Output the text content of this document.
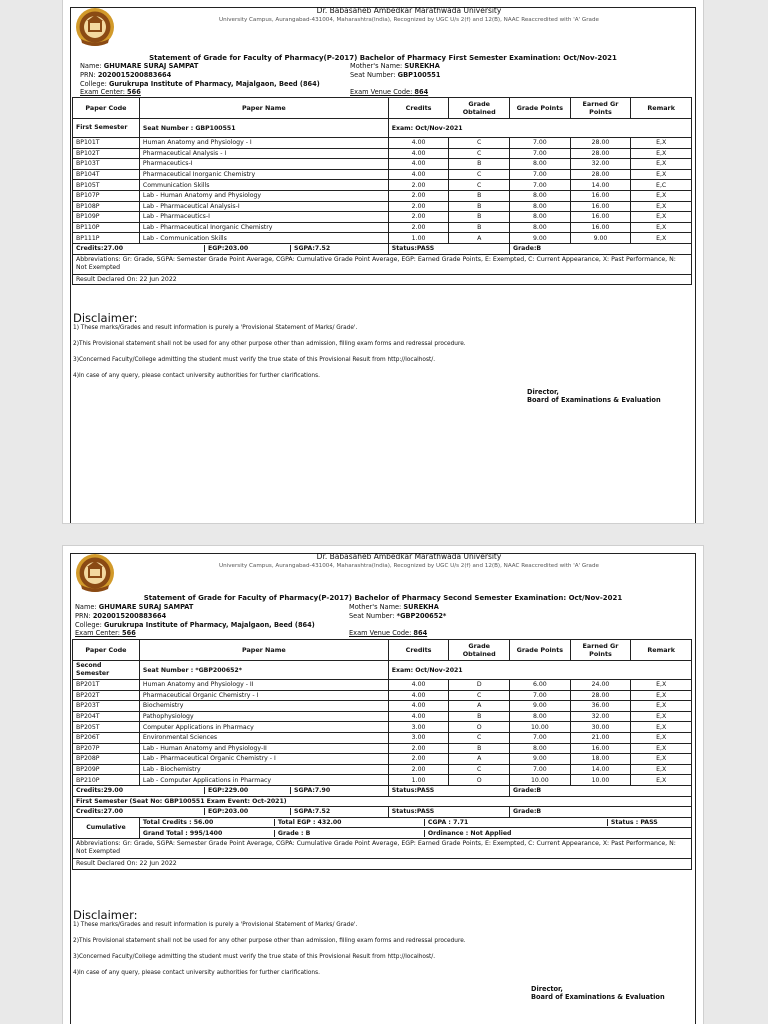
Dr. Babasaheb Ambedkar Marathwada University
University Campus, Aurangabad-431004, Maharashtra(India), Recognized by UGC U/s 2(f) and 12(B), NAAC Reaccredited with 'A' Grade
Statement of Grade for Faculty of Pharmacy(P-2017) Bachelor of Pharmacy First Semester Examination: Oct/Nov-2021
Name: GHUMARE SURAJ SAMPAT
PRN: 2020015200883664
College: Gurukrupa Institute of Pharmacy, Majalgaon, Beed (864)
Exam Center: 566
Mother's Name: SUREKHA
Seat Number: GBP100551

Exam Venue Code: 864
Paper Code	Paper Name	Credits	Grade Obtained	Grade Points	Earned Gr Points	Remark
First Semester	Seat Number : GBP100551	Exam: Oct/Nov-2021				
BP101T	Human Anatomy and Physiology - I	4.00	C	7.00	28.00	E,X
BP102T	Pharmaceutical Analysis - I	4.00	C	7.00	28.00	E,X
BP103T	Pharmaceutics-I	4.00	B	8.00	32.00	E,X
BP104T	Pharmaceutical Inorganic Chemistry	4.00	C	7.00	28.00	E,X
BP105T	Communication Skills	2.00	C	7.00	14.00	E,C
BP107P	Lab - Human Anatomy and Physiology	2.00	B	8.00	16.00	E,X
BP108P	Lab - Pharmaceutical Analysis-I	2.00	B	8.00	16.00	E,X
BP109P	Lab - Pharmaceutics-I	2.00	B	8.00	16.00	E,X
BP110P	Lab - Pharmaceutical Inorganic Chemistry	2.00	B	8.00	16.00	E,X
BP111P	Lab - Communication Skills	1.00	A	9.00	9.00	E,X

Credits:27.00 EGP:203.00 SGPA:7.52		Status:PASS		Grade:B		
Abbreviations: Gr: Grade, SGPA: Semester Grade Point Average, CGPA: Cumulative Grade Point Average, EGP: Earned Grade Points, E: Exempted, C: Current Appearance, X: Past Performance, N: Not Exempted						
Result Declared On: 22 Jun 2022						
Disclaimer:
1) These marks/Grades and result information is purely a 'Provisional Statement of Marks/ Grade'.
2)This Provisional statement shall not be used for any other purpose other than admission, filling exam forms and redressal procedure.
3)Concerned Faculty/College admitting the student must verify the true state of this Provisional Result from http://localhost/.
4)In case of any query, please contact university authorities for further clarifications.
Director,
Board of Examinations & Evaluation
Dr. Babasaheb Ambedkar Marathwada University
University Campus, Aurangabad-431004, Maharashtra(India), Recognized by UGC U/s 2(f) and 12(B), NAAC Reaccredited with 'A' Grade
Statement of Grade for Faculty of Pharmacy(P-2017) Bachelor of Pharmacy Second Semester Examination: Oct/Nov-2021
Name: GHUMARE SURAJ SAMPAT
PRN: 2020015200883664
College: Gurukrupa Institute of Pharmacy, Majalgaon, Beed (864)
Exam Center: 566
Mother's Name: SUREKHA
Seat Number: *GBP200652*

Exam Venue Code: 864
Paper Code	Paper Name	Credits	Grade Obtained	Grade Points	Earned Gr Points	Remark
Second Semester	Seat Number : *GBP200652*	Exam: Oct/Nov-2021				
BP201T	Human Anatomy and Physiology - II	4.00	D	6.00	24.00	E,X
BP202T	Pharmaceutical Organic Chemistry - I	4.00	C	7.00	28.00	E,X
BP203T	Biochemistry	4.00	A	9.00	36.00	E,X
BP204T	Pathophysiology	4.00	B	8.00	32.00	E,X
BP205T	Computer Applications in Pharmacy	3.00	O	10.00	30.00	E,X
BP206T	Environmental Sciences	3.00	C	7.00	21.00	E,X
BP207P	Lab - Human Anatomy and Physiology-II	2.00	B	8.00	16.00	E,X
BP208P	Lab - Pharmaceutical Organic Chemistry - I	2.00	A	9.00	18.00	E,X
BP209P	Lab - Biochemistry	2.00	C	7.00	14.00	E,X
BP210P	Lab - Computer Applications in Pharmacy	1.00	O	10.00	10.00	E,X

Credits:29.00 EGP:229.00 SGPA:7.90		Status:PASS		Grade:B		
First Semester (Seat No: GBP100551 Exam Event: Oct-2021)						

Credits:27.00 EGP:203.00 SGPA:7.52		Status:PASS		Grade:B		
Cumulative	Total Credits : 56.00 Total EGP : 432.00 CGPA : 7.71 Status : PASS					

	Grand Total : 995/1400 Grade : B Ordinance : Not Applied					

Abbreviations: Gr: Grade, SGPA: Semester Grade Point Average, CGPA: Cumulative Grade Point Average, EGP: Earned Grade Points, E: Exempted, C: Current Appearance, X: Past Performance, N: Not Exempted						
Result Declared On: 22 Jun 2022						
Disclaimer:
1) These marks/Grades and result information is purely a 'Provisional Statement of Marks/ Grade'.
2)This Provisional statement shall not be used for any other purpose other than admission, filling exam forms and redressal procedure.
3)Concerned Faculty/College admitting the student must verify the true state of this Provisional Result from http://localhost/.
4)In case of any query, please contact university authorities for further clarifications.
Director,
Board of Examinations & Evaluation
